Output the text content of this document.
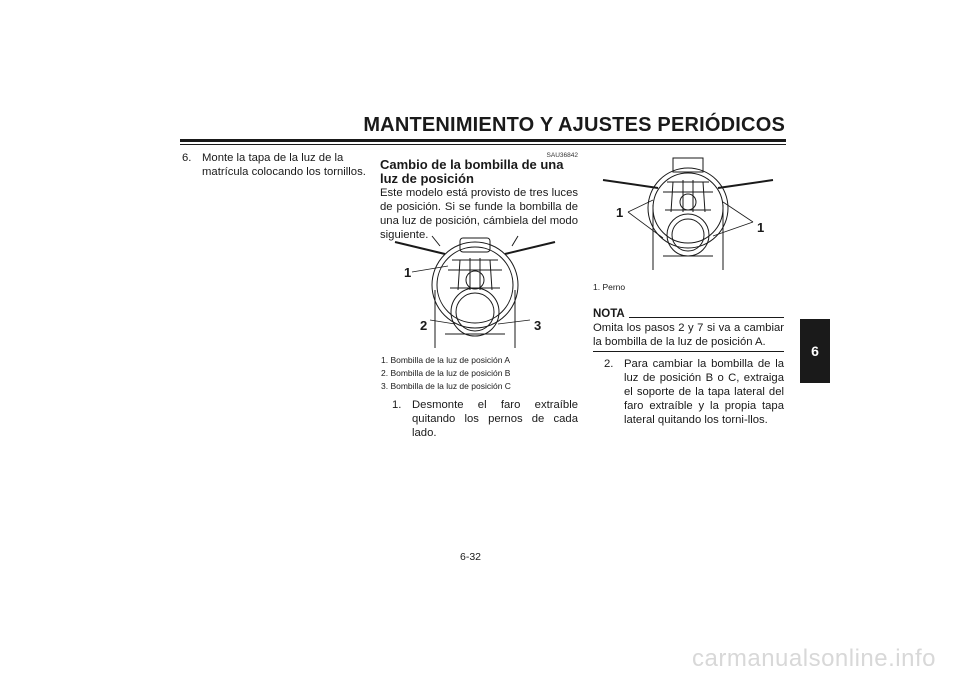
MANTENIMIENTO Y AJUSTES PERIÓDICOS
6
6. Monte la tapa de la luz de la matrícula colocando los tornillos.
SAU36842
Cambio de la bombilla de una luz de posición
Este modelo está provisto de tres luces de posición. Si se funde la bombilla de una luz de posición, cámbiela del modo siguiente.
1
2	3
1. Bombilla de la luz de posición A
2. Bombilla de la luz de posición B
3. Bombilla de la luz de posición C
1. Desmonte el faro extraíble quitando los pernos de cada lado.
1
1
1. Perno
NOTA
Omita los pasos 2 y 7 si va a cambiar la bombilla de la luz de posición A.
2. Para cambiar la bombilla de la luz de posición B o C, extraiga el soporte de la tapa lateral del faro extraíble y la propia tapa lateral quitando los torni-llos.
6-32
carmanualsonline.info
